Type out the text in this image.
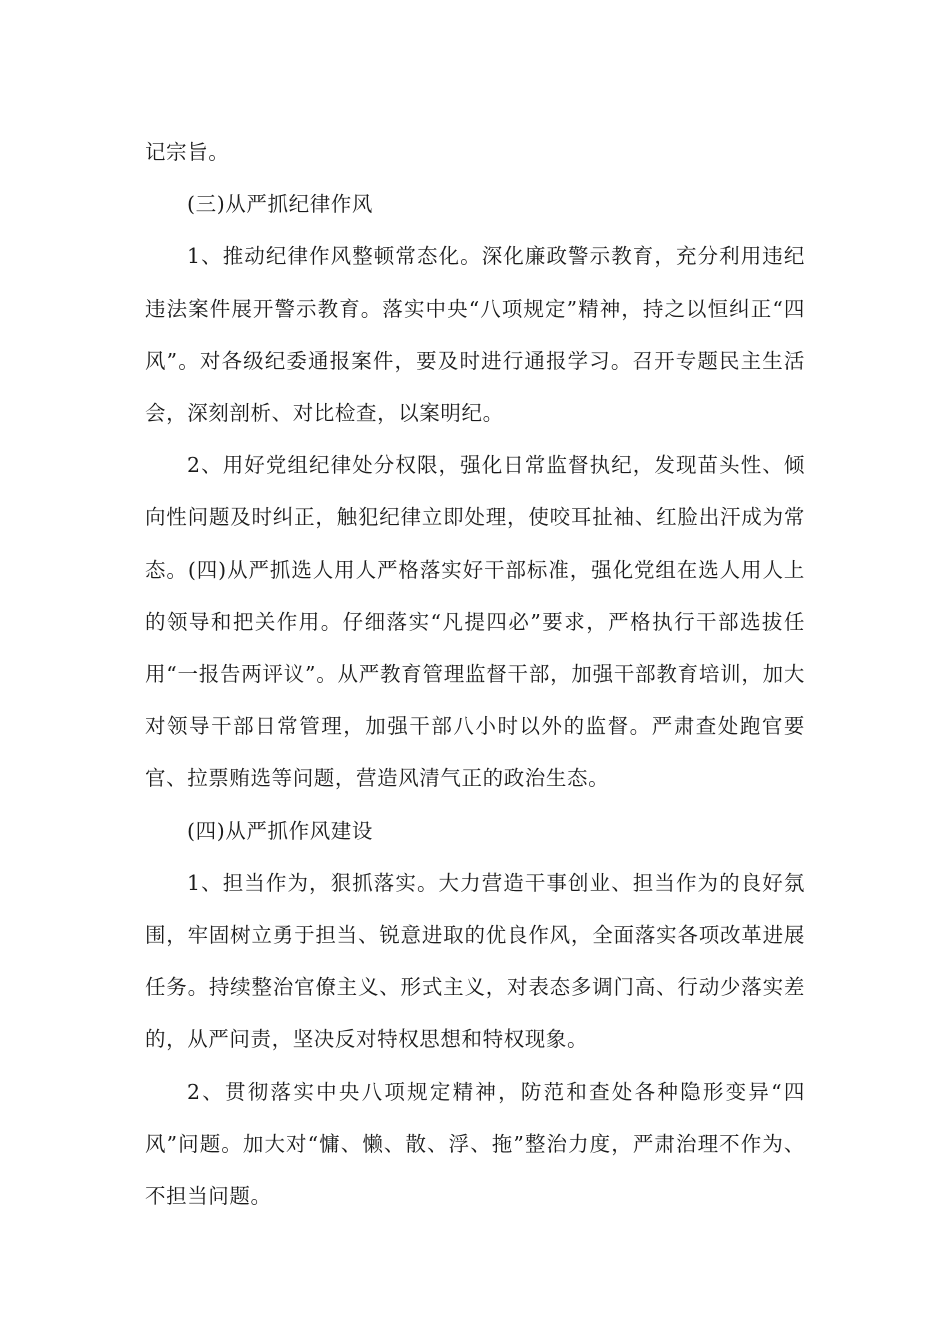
记宗旨。

(三)从严抓纪律作风

1、推动纪律作风整顿常态化。深化廉政警示教育，充分利用违纪违法案件展开警示教育。落实中央“八项规定”精神，持之以恒纠正“四风”。对各级纪委通报案件，要及时进行通报学习。召开专题民主生活会，深刻剖析、对比检查，以案明纪。

2、用好党组纪律处分权限，强化日常监督执纪，发现苗头性、倾向性问题及时纠正，触犯纪律立即处理，使咬耳扯袖、红脸出汗成为常态。(四)从严抓选人用人严格落实好干部标准，强化党组在选人用人上的领导和把关作用。仔细落实“凡提四必”要求，严格执行干部选拔任用“一报告两评议”。从严教育管理监督干部，加强干部教育培训，加大对领导干部日常管理，加强干部八小时以外的监督。严肃查处跑官要官、拉票贿选等问题，营造风清气正的政治生态。

(四)从严抓作风建设

1、担当作为，狠抓落实。大力营造干事创业、担当作为的良好氛围，牢固树立勇于担当、锐意进取的优良作风，全面落实各项改革进展任务。持续整治官僚主义、形式主义，对表态多调门高、行动少落实差的，从严问责，坚决反对特权思想和特权现象。

2、贯彻落实中央八项规定精神，防范和查处各种隐形变异“四风”问题。加大对“慵、懒、散、浮、拖”整治力度，严肃治理不作为、不担当问题。
